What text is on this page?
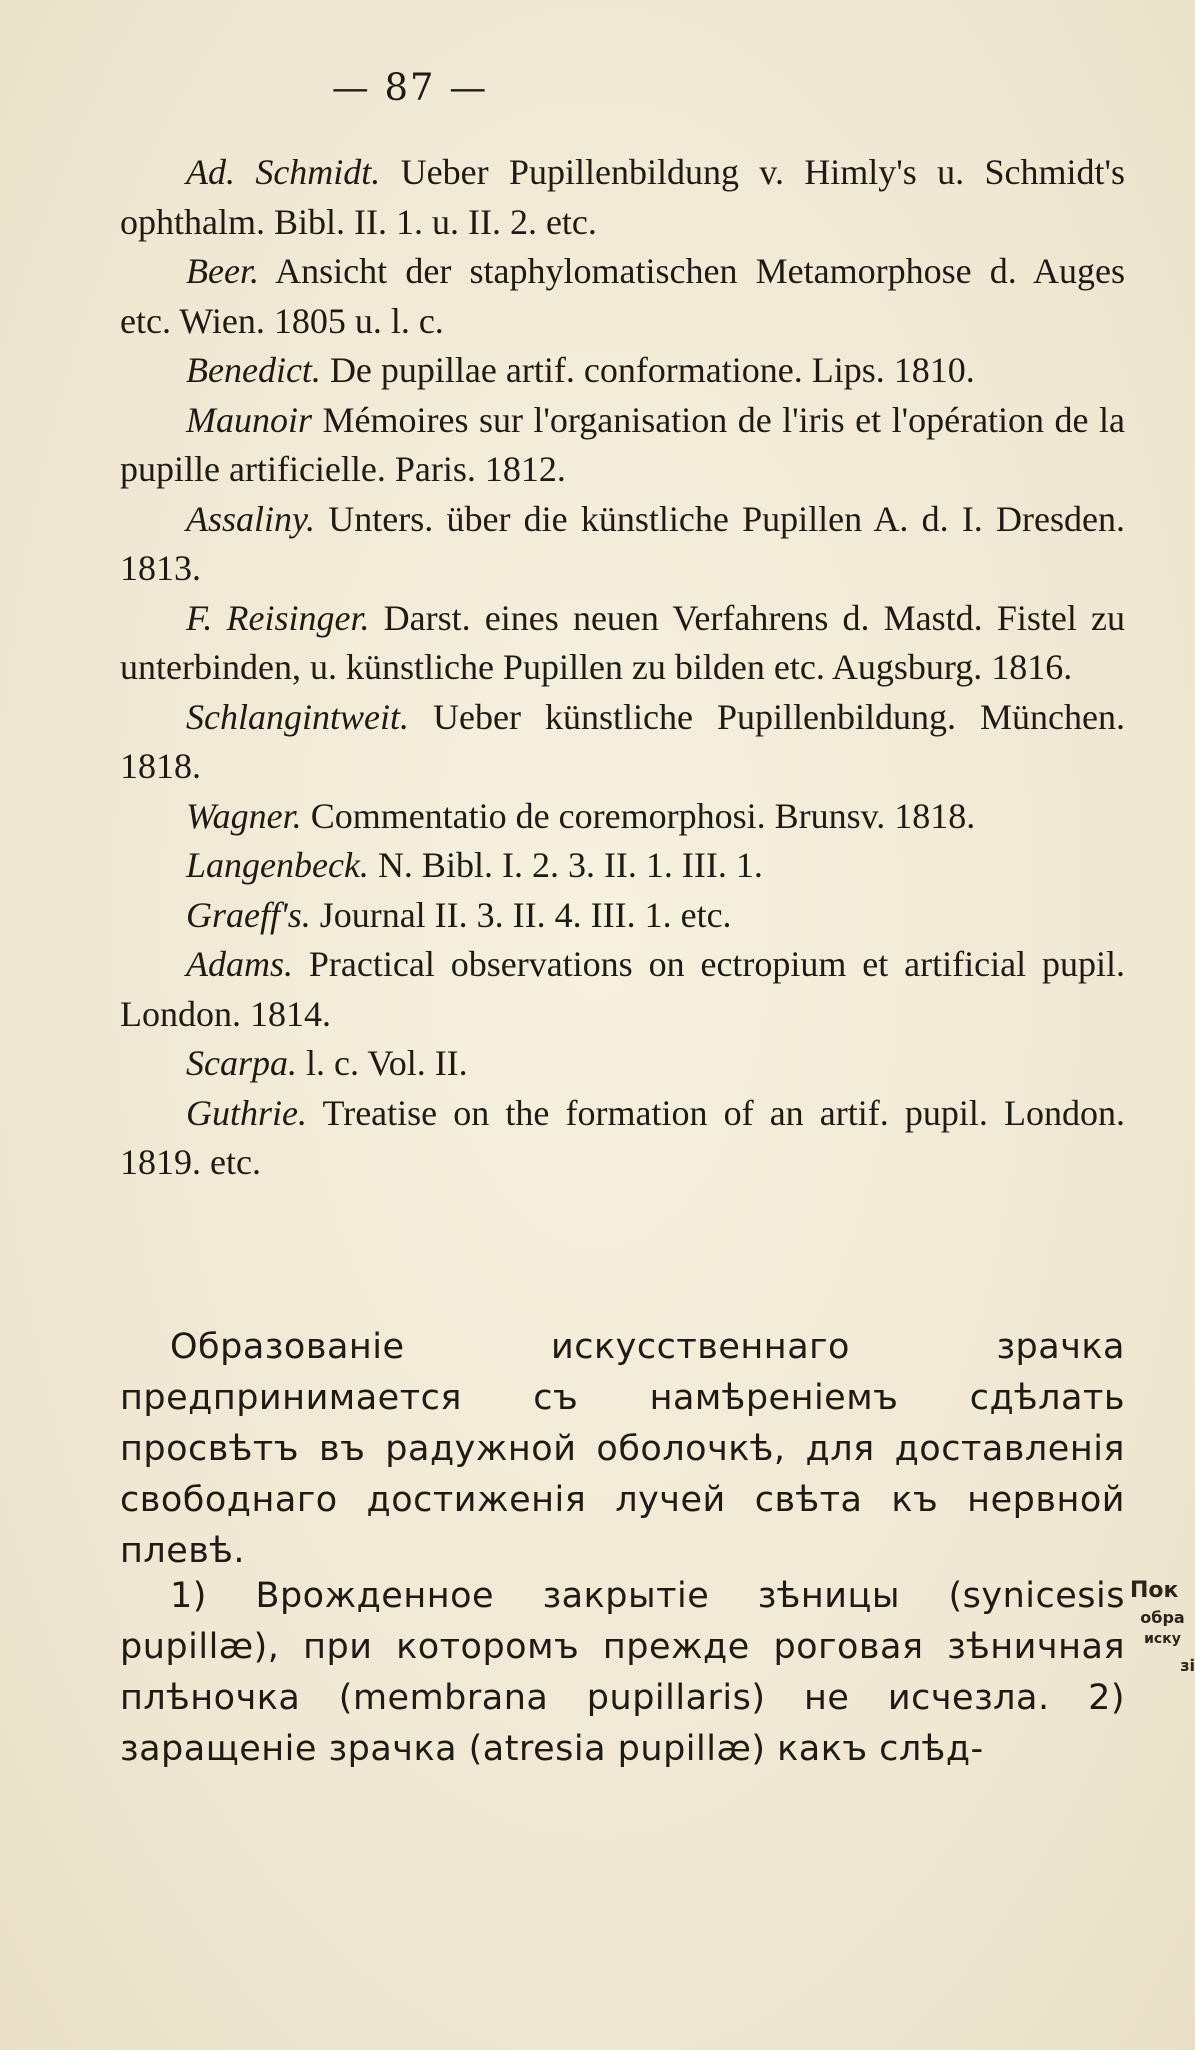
— 87 —

Ad. Schmidt. Ueber Pupillenbildung v. Himly's u. Schmidt's ophthalm. Bibl. II. 1. u. II. 2. etc.

Beer. Ansicht der staphylomatischen Metamorphose d. Auges etc. Wien. 1805 u. l. c.

Benedict. De pupillae artif. conformatione. Lips. 1810.

Maunoir Mémoires sur l'organisation de l'iris et l'opération de la pupille artificielle. Paris. 1812.

Assaliny. Unters. über die künstliche Pupillen A. d. I. Dresden. 1813.

F. Reisinger. Darst. eines neuen Verfahrens d. Mastd. Fistel zu unterbinden, u. künstliche Pupillen zu bilden etc. Augsburg. 1816.

Schlangintweit. Ueber künstliche Pupillenbildung. München. 1818.

Wagner. Commentatio de coremorphosi. Brunsv. 1818.

Langenbeck. N. Bibl. I. 2. 3. II. 1. III. 1.

Graeff's. Journal II. 3. II. 4. III. 1. etc.

Adams. Practical observations on ectropium et artificial pupil. London. 1814.

Scarpa. l. c. Vol. II.

Guthrie. Treatise on the formation of an artif. pupil. London. 1819. etc.

Образованіе искусственнаго зрачка предпринимается съ намѣреніемъ сдѣлать просвѣтъ въ радужной оболочкѣ, для доставленія свободнаго достиженія лучей свѣта къ нервной плевѣ.

1) Врожденное закрытіе зѣницы (synicesis pupillæ), при которомъ прежде роговая зѣничная плѣночка (membrana pupillaris) не исчезла. 2) заращеніе зрачка (atresia pupillæ) какъ слѣд-

Пок
обра
иску
зі
